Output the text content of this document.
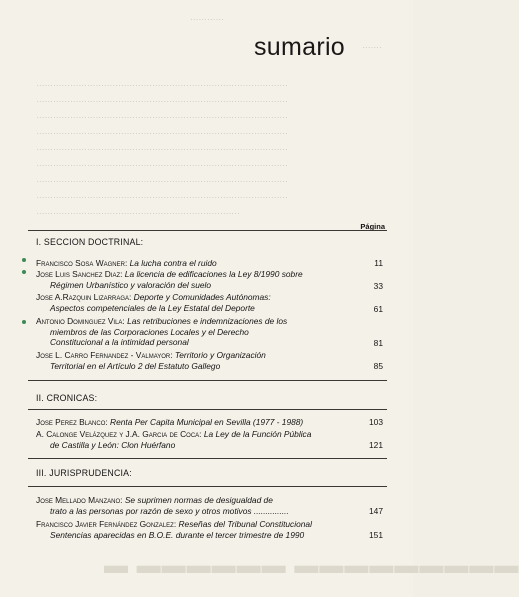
············
·······
·························································································
·························································································
·························································································
·························································································
·························································································
·························································································
·························································································
·························································································
········································································
▬ ▬▬▬▬▬▬ ▬▬▬▬▬▬▬▬▬
sumario
Página
I. SECCION DOCTRINAL:
Francisco Sosa Wagner: La lucha contra el ruido	11
Jose Luis Sanchez Diaz: La licencia de edificaciones la Ley 8/1990 sobre
Régimen Urbanístico y valoración del suelo	33
Jose A.Razquin Lizarraga: Deporte y Comunidades Autónomas:
Aspectos competenciales de la Ley Estatal del Deporte	61
Antonio Dominguez Vila: Las retribuciones e indemnizaciones de los
miembros de las Corporaciones Locales y el Derecho
Constitucional a la intimidad personal	81
Jose L. Carro Fernandez - Valmayor: Territorio y Organización
Territorial en el Artículo 2 del Estatuto Gallego	85
II. CRONICAS:
Jose Perez Blanco: Renta Per Capita Municipal en Sevilla (1977 - 1988)	103
A. Calonge Velázquez y J.A. Garcia de Coca: La Ley de la Función Pública
de Castilla y León: Clon Huérfano	121
III. JURISPRUDENCIA:
Jose Mellado Manzano: Se suprimen normas de desigualdad de
trato a las personas por razón de sexo y otros motivos ...............	147
Francisco Javier Fernández Gonzalez: Reseñas del Tribunal Constitucional
Sentencias aparecidas en B.O.E. durante el tercer trimestre de 1990	151
